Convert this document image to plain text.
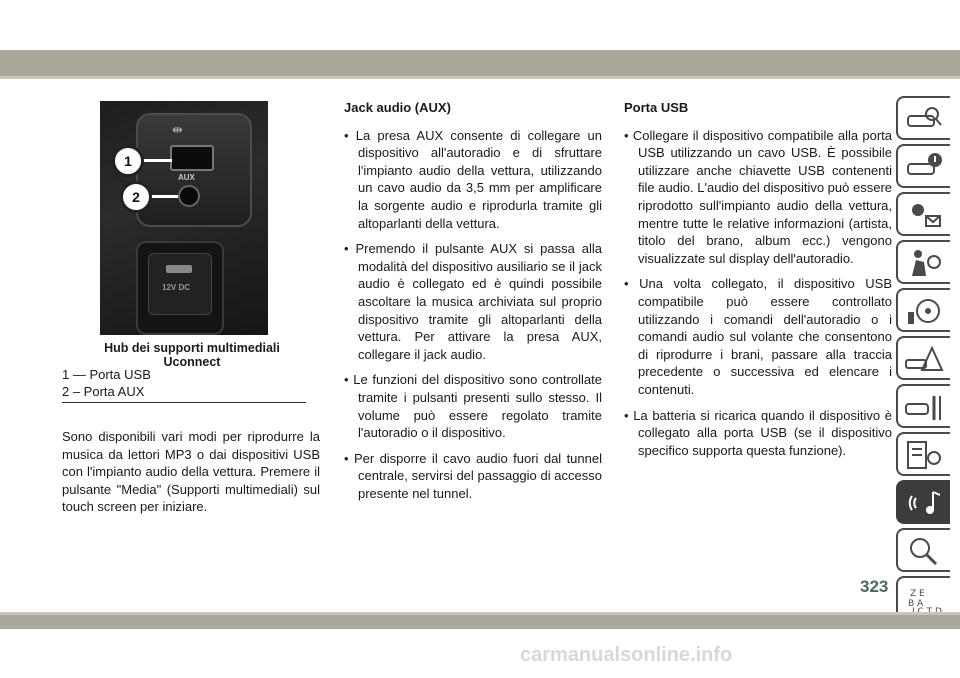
⇹
AUX
1
2
12V DC
Hub dei supporti multimediali Uconnect
1 — Porta USB
2 – Porta AUX

Sono disponibili vari modi per riprodurre la musica da lettori MP3 o dai dispositivi USB con l'impianto audio della vettura. Premere il pulsante "Media" (Supporti multimediali) sul touch screen per iniziare.

Jack audio (AUX)

• La presa AUX consente di collegare un dispositivo all'autoradio e di sfruttare l'impianto audio della vettura, utilizzando un cavo audio da 3,5 mm per amplificare la sorgente audio e riprodurla tramite gli altoparlanti della vettura.

• Premendo il pulsante AUX si passa alla modalità del dispositivo ausiliario se il jack audio è collegato ed è quindi possibile ascoltare la musica archiviata sul proprio dispositivo tramite gli altoparlanti della vettura. Per attivare la presa AUX, collegare il jack audio.

• Le funzioni del dispositivo sono controllate tramite i pulsanti presenti sullo stesso. Il volume può essere regolato tramite l'autoradio o il dispositivo.

• Per disporre il cavo audio fuori dal tunnel centrale, servirsi del passaggio di accesso presente nel tunnel.

Porta USB

• Collegare il dispositivo compatibile alla porta USB utilizzando un cavo USB. È possibile utilizzare anche chiavette USB contenenti file audio. L'audio del dispositivo può essere riprodotto sull'impianto audio della vettura, mentre tutte le relative informazioni (artista, titolo del brano, album ecc.) vengono visualizzate sul display dell'autoradio.

• Una volta collegato, il dispositivo USB compatibile può essere controllato utilizzando i comandi dell'autoradio o i comandi audio sul volante che consentono di riprodurre i brani, passare alla traccia precedente o successiva ed elencare i contenuti.

• La batteria si ricarica quando il dispositivo è collegato alla porta USB (se il dispositivo specifico supporta questa funzione).

Z E
B A
323
carmanualsonline.info
